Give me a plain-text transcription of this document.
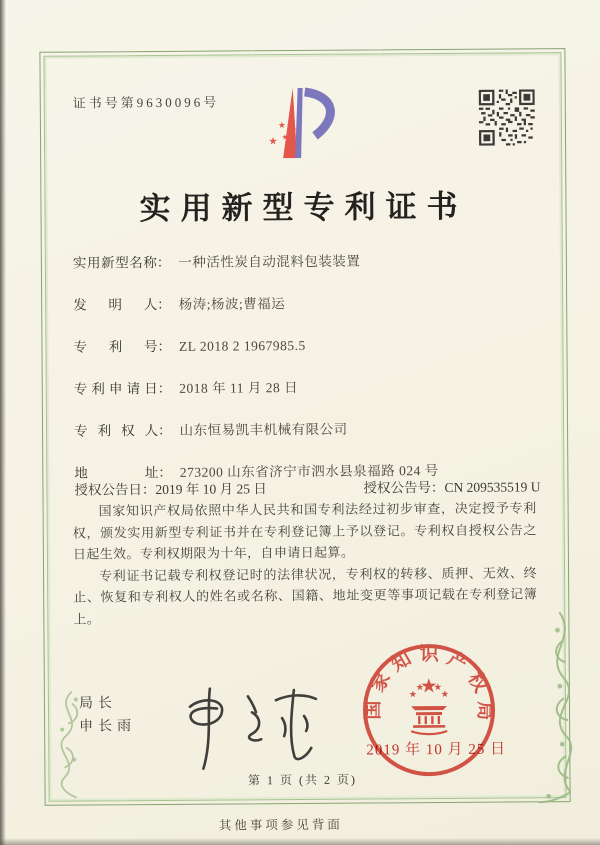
证书号第9630096号
实用新型专利证书
实用新型名称： 一种活性炭自动混料包装装置
发明人： 杨涛;杨波;曹福运
专利号： ZL 2018 2 1967985.5
专利申请日： 2018 年 11 月 28 日
专利权人： 山东恒易凯丰机械有限公司
地址： 273200 山东省济宁市泗水县泉福路 024 号
授权公告日：2019 年 10 月 25 日	授权公告号：CN 209535519 U

国家知识产权局依照中华人民共和国专利法经过初步审查，决定授予专利权，颁发实用新型专利证书并在专利登记簿上予以登记。专利权自授权公告之日起生效。专利权期限为十年，自申请日起算。

专利证书记载专利权登记时的法律状况，专利权的转移、质押、无效、终止、恢复和专利权人的姓名或名称、国籍、地址变更等事项记载在专利登记簿上。

局长
申长雨
国家知识产权局
2019 年 10 月 25 日
第 1 页 (共 2 页)
其他事项参见背面
